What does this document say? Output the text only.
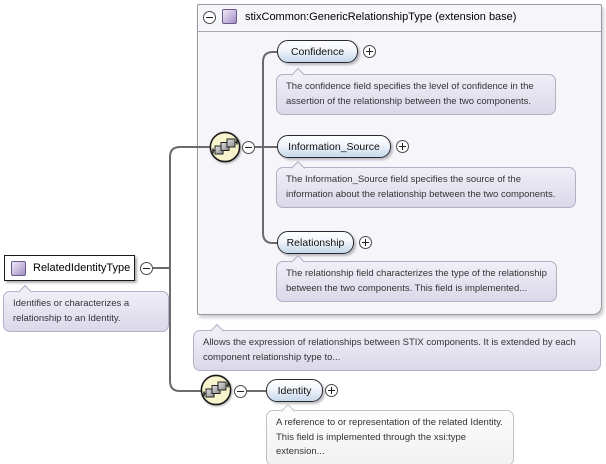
stixCommon:GenericRelationshipType (extension base)
Confidence
The confidence field specifies the level of confidence in the assertion of the relationship between the two components.
Information_Source
The Information_Source field specifies the source of the information about the relationship between the two components.
Relationship
The relationship field characterizes the type of the relationship between the two components. This field is implemented...
RelatedIdentityType
Identifies or characterizes a relationship to an Identity.
Allows the expression of relationships between STIX components. It is extended by each component relationship type to...
Identity
A reference to or representation of the related Identity. This field is implemented through the xsi:type extension...
